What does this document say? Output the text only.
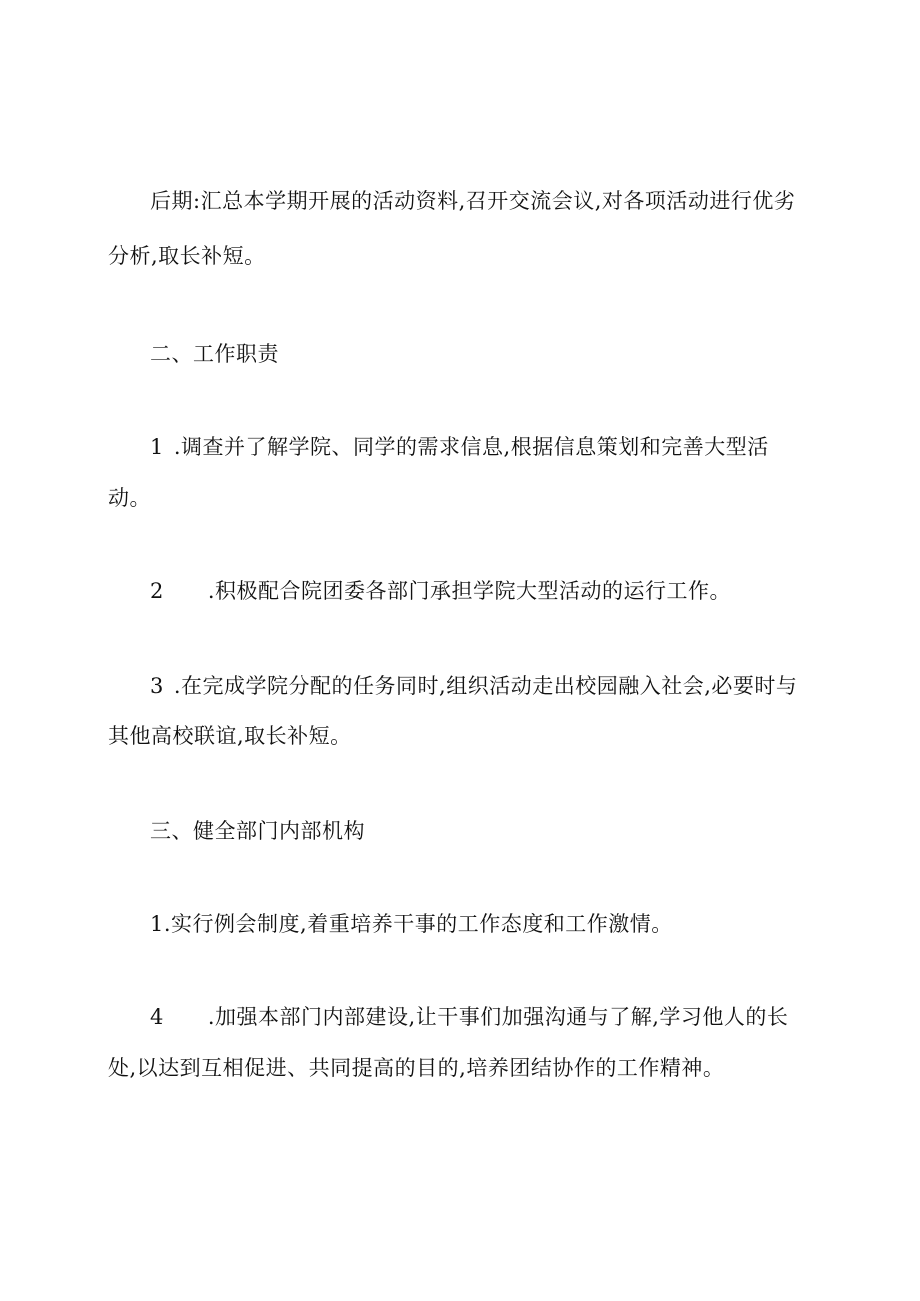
后期:汇总本学期开展的活动资料,召开交流会议,对各项活动进行优劣
分析,取长补短。
二、工作职责
1 .调查并了解学院、同学的需求信息,根据信息策划和完善大型活
动。
2 .积极配合院团委各部门承担学院大型活动的运行工作。
3 .在完成学院分配的任务同时,组织活动走出校园融入社会,必要时与
其他高校联谊,取长补短。
三、健全部门内部机构
1.实行例会制度,着重培养干事的工作态度和工作激情。
4 .加强本部门内部建设,让干事们加强沟通与了解,学习他人的长
处,以达到互相促进、共同提高的目的,培养团结协作的工作精神。
